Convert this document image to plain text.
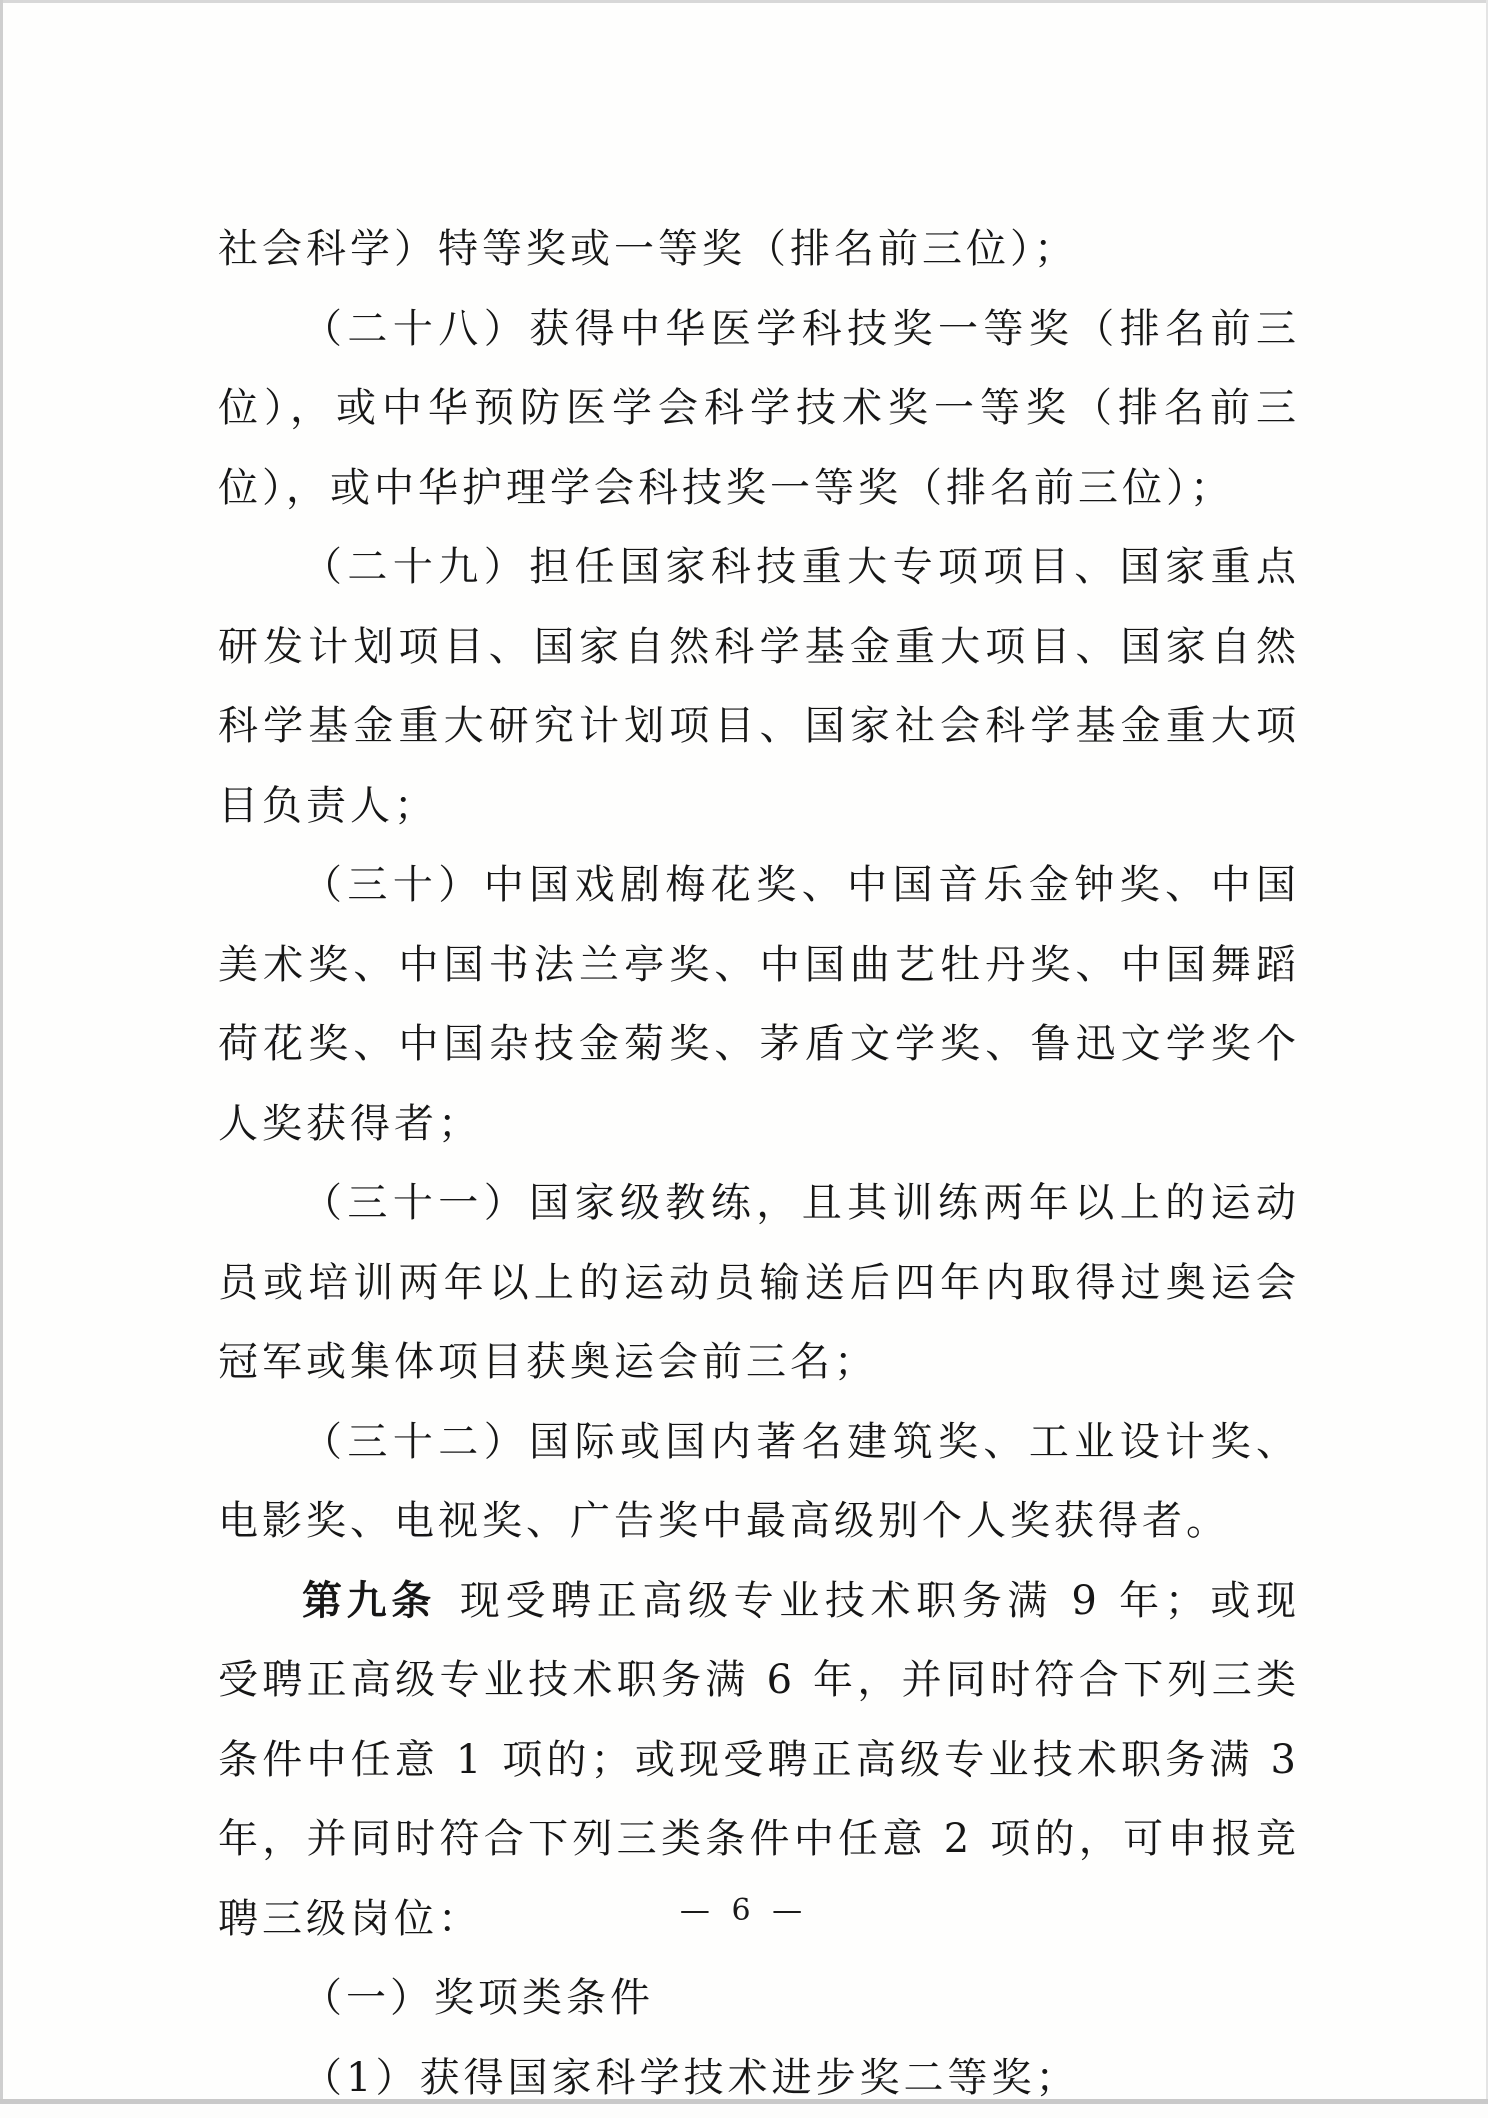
社会科学）特等奖或一等奖（排名前三位）；

（二十八）获得中华医学科技奖一等奖（排名前三位），或中华预防医学会科学技术奖一等奖（排名前三位），或中华护理学会科技奖一等奖（排名前三位）；

（二十九）担任国家科技重大专项项目、国家重点研发计划项目、国家自然科学基金重大项目、国家自然科学基金重大研究计划项目、国家社会科学基金重大项目负责人；

（三十）中国戏剧梅花奖、中国音乐金钟奖、中国美术奖、中国书法兰亭奖、中国曲艺牡丹奖、中国舞蹈荷花奖、中国杂技金菊奖、茅盾文学奖、鲁迅文学奖个人奖获得者；

（三十一）国家级教练，且其训练两年以上的运动员或培训两年以上的运动员输送后四年内取得过奥运会冠军或集体项目获奥运会前三名；

（三十二）国际或国内著名建筑奖、工业设计奖、电影奖、电视奖、广告奖中最高级别个人奖获得者。

第九条 现受聘正高级专业技术职务满 9 年；或现受聘正高级专业技术职务满 6 年，并同时符合下列三类条件中任意 1 项的；或现受聘正高级专业技术职务满 3 年，并同时符合下列三类条件中任意 2 项的，可申报竞聘三级岗位：

（一）奖项类条件

（1）获得国家科学技术进步奖二等奖；

— 6 —
